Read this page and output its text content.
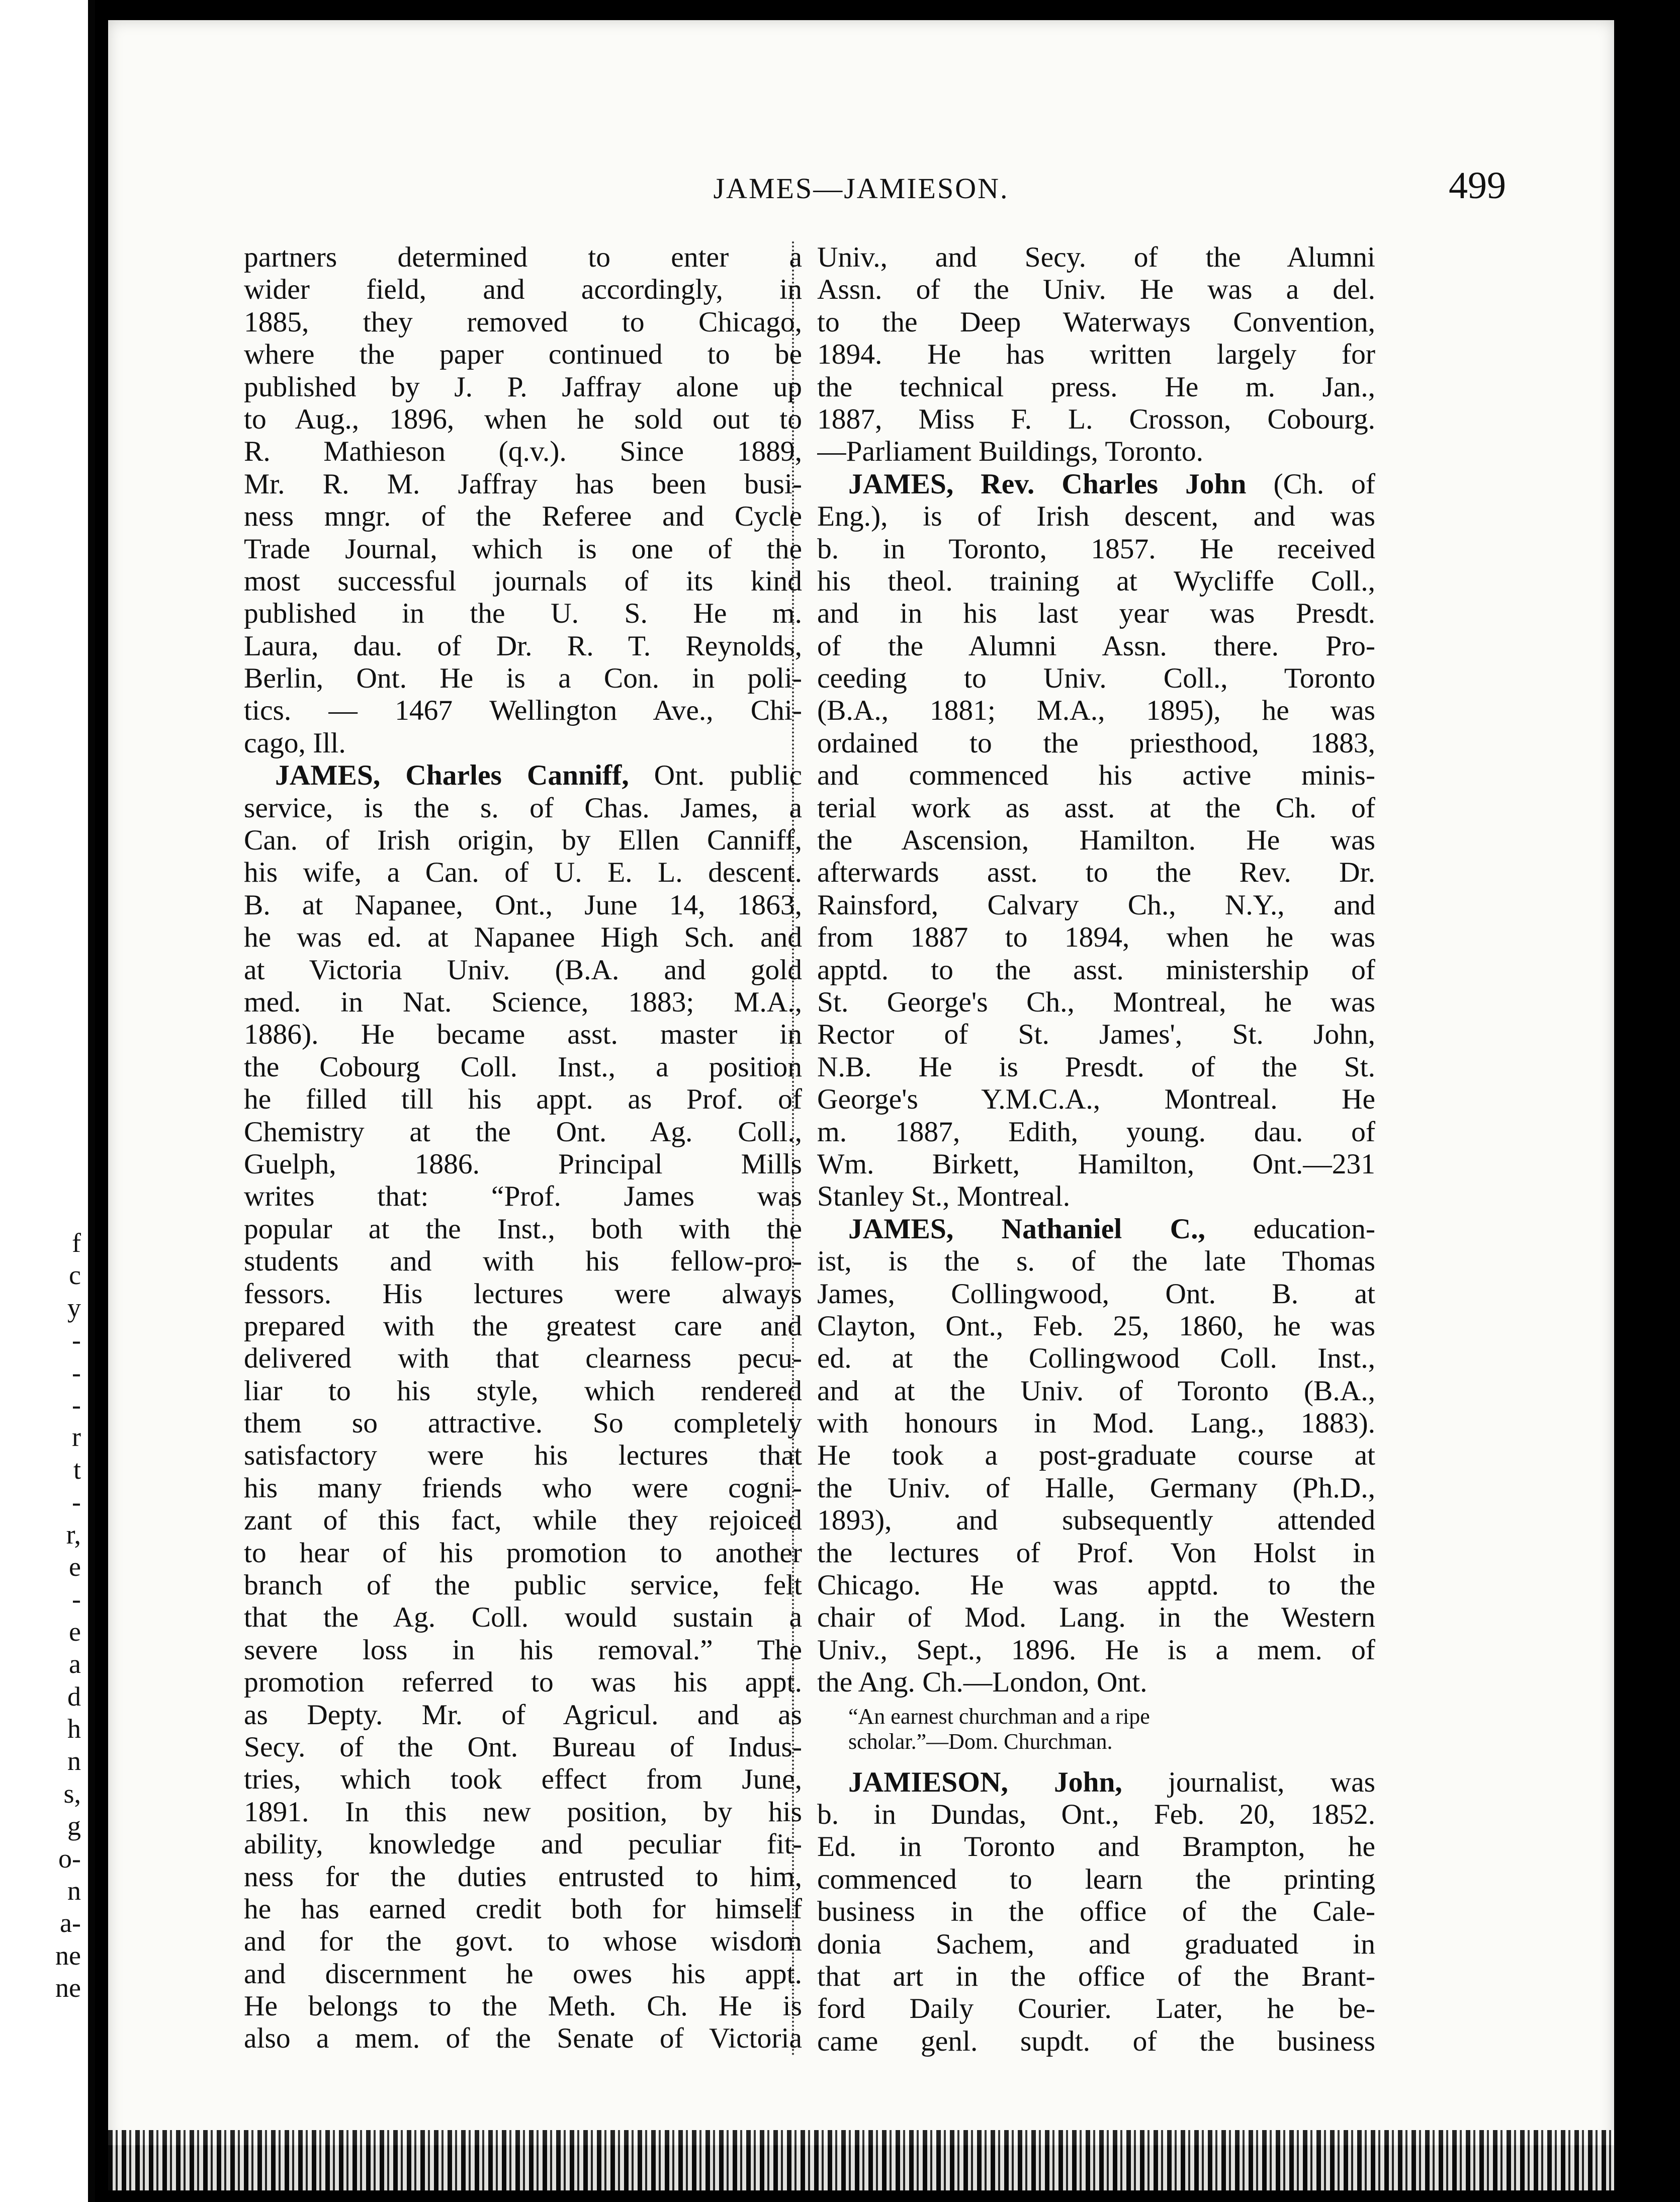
f
c
y
-
-
-
r
t
-
r,
e
-
e
a
d
h
n
s,
g
o-
n
a-
ne
ne
JAMES—JAMIESON.	499
partners determined to enter a
wider field, and accordingly, in
1885, they removed to Chicago,
where the paper continued to be
published by J. P. Jaffray alone up
to Aug., 1896, when he sold out to
R. Mathieson (q.v.). Since 1889,
Mr. R. M. Jaffray has been busi-
ness mngr. of the Referee and Cycle
Trade Journal, which is one of the
most successful journals of its kind
published in the U. S. He m.
Laura, dau. of Dr. R. T. Reynolds,
Berlin, Ont. He is a Con. in poli-
tics. — 1467 Wellington Ave., Chi-
cago, Ill.
JAMES, Charles Canniff, Ont. public
service, is the s. of Chas. James, a
Can. of Irish origin, by Ellen Canniff,
his wife, a Can. of U. E. L. descent.
B. at Napanee, Ont., June 14, 1863,
he was ed. at Napanee High Sch. and
at Victoria Univ. (B.A. and gold
med. in Nat. Science, 1883; M.A.,
1886). He became asst. master in
the Cobourg Coll. Inst., a position
he filled till his appt. as Prof. of
Chemistry at the Ont. Ag. Coll.,
Guelph, 1886. Principal Mills
writes that: “Prof. James was
popular at the Inst., both with the
students and with his fellow-pro-
fessors. His lectures were always
prepared with the greatest care and
delivered with that clearness pecu-
liar to his style, which rendered
them so attractive. So completely
satisfactory were his lectures that
his many friends who were cogni-
zant of this fact, while they rejoiced
to hear of his promotion to another
branch of the public service, felt
that the Ag. Coll. would sustain a
severe loss in his removal.” The
promotion referred to was his appt.
as Depty. Mr. of Agricul. and as
Secy. of the Ont. Bureau of Indus-
tries, which took effect from June,
1891. In this new position, by his
ability, knowledge and peculiar fit-
ness for the duties entrusted to him,
he has earned credit both for himself
and for the govt. to whose wisdom
and discernment he owes his appt.
He belongs to the Meth. Ch. He is
also a mem. of the Senate of Victoria
Univ., and Secy. of the Alumni
Assn. of the Univ. He was a del.
to the Deep Waterways Convention,
1894. He has written largely for
the technical press. He m. Jan.,
1887, Miss F. L. Crosson, Cobourg.
—Parliament Buildings, Toronto.
JAMES, Rev. Charles John (Ch. of
Eng.), is of Irish descent, and was
b. in Toronto, 1857. He received
his theol. training at Wycliffe Coll.,
and in his last year was Presdt.
of the Alumni Assn. there. Pro-
ceeding to Univ. Coll., Toronto
(B.A., 1881; M.A., 1895), he was
ordained to the priesthood, 1883,
and commenced his active minis-
terial work as asst. at the Ch. of
the Ascension, Hamilton. He was
afterwards asst. to the Rev. Dr.
Rainsford, Calvary Ch., N.Y., and
from 1887 to 1894, when he was
apptd. to the asst. ministership of
St. George's Ch., Montreal, he was
Rector of St. James', St. John,
N.B. He is Presdt. of the St.
George's Y.M.C.A., Montreal. He
m. 1887, Edith, young. dau. of
Wm. Birkett, Hamilton, Ont.—231
Stanley St., Montreal.
JAMES, Nathaniel C., education-
ist, is the s. of the late Thomas
James, Collingwood, Ont. B. at
Clayton, Ont., Feb. 25, 1860, he was
ed. at the Collingwood Coll. Inst.,
and at the Univ. of Toronto (B.A.,
with honours in Mod. Lang., 1883).
He took a post-graduate course at
the Univ. of Halle, Germany (Ph.D.,
1893), and subsequently attended
the lectures of Prof. Von Holst in
Chicago. He was apptd. to the
chair of Mod. Lang. in the Western
Univ., Sept., 1896. He is a mem. of
the Ang. Ch.—London, Ont.
“An earnest churchman and a ripe
scholar.”—Dom. Churchman.
JAMIESON, John, journalist, was
b. in Dundas, Ont., Feb. 20, 1852.
Ed. in Toronto and Brampton, he
commenced to learn the printing
business in the office of the Cale-
donia Sachem, and graduated in
that art in the office of the Brant-
ford Daily Courier. Later, he be-
came genl. supdt. of the business
